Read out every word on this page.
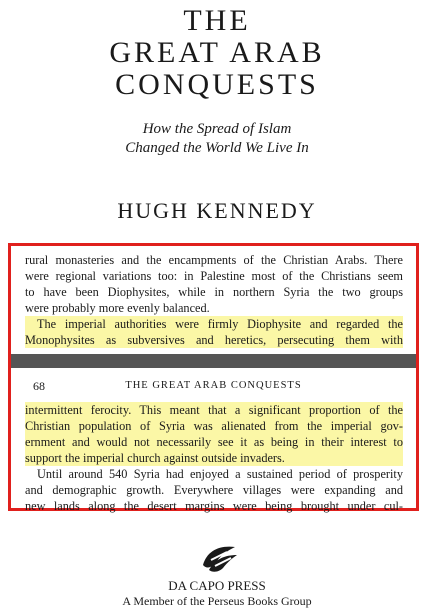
THE
GREAT ARAB
CONQUESTS
How the Spread of Islam
Changed the World We Live In
HUGH KENNEDY
rural monasteries and the encampments of the Christian Arabs. There
were regional variations too: in Palestine most of the Christians seem
to have been Diophysites, while in northern Syria the two groups
were probably more evenly balanced.
The imperial authorities were firmly Diophysite and regarded the
Monophysites as subversives and heretics, persecuting them with
68	THE GREAT ARAB CONQUESTS
intermittent ferocity. This meant that a significant proportion of the
Christian population of Syria was alienated from the imperial gov-
ernment and would not necessarily see it as being in their interest to
support the imperial church against outside invaders.
Until around 540 Syria had enjoyed a sustained period of prosperity
and demographic growth. Everywhere villages were expanding and
new lands along the desert margins were being brought under cul-
DA CAPO PRESS
A Member of the Perseus Books Group
